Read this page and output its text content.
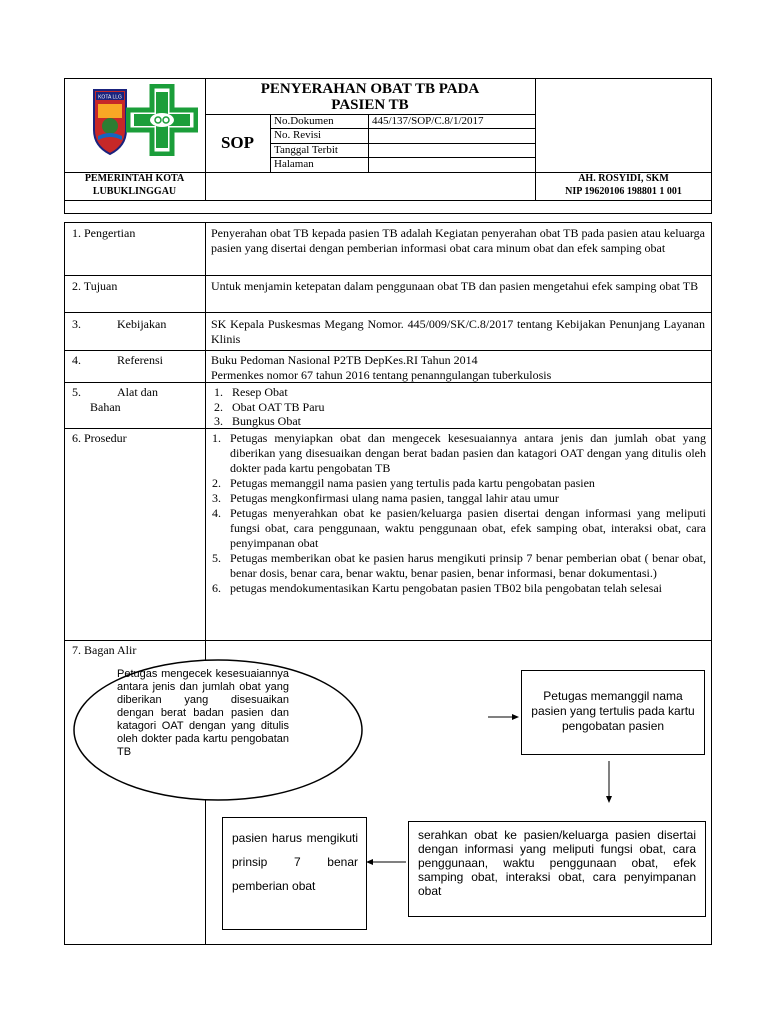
KOTA LLG
PENYERAHAN OBAT TB PADA
PASIEN TB
SOP
No.Dokumen	445/137/SOP/C.8/1/2017
No. Revisi
Tanggal Terbit
Halaman
PEMERINTAH KOTA
LUBUKLINGGAU
AH. ROSYIDI, SKM
NIP 19620106 198801 1 001
1. Pengertian	Penyerahan obat TB kepada pasien TB adalah Kegiatan penyerahan obat TB pada pasien atau keluarga pasien yang disertai dengan pemberian informasi obat cara minum obat dan efek samping obat
2. Tujuan	Untuk menjamin ketepatan dalam penggunaan obat TB dan pasien mengetahui efek samping obat TB
3.	Kebijakan	SK Kepala Puskesmas Megang Nomor. 445/009/SK/C.8/2017 tentang Kebijakan Penunjang Layanan Klinis
4.	Referensi	Buku Pedoman Nasional P2TB DepKes.RI Tahun 2014
Permenkes nomor 67 tahun 2016 tentang penanngulangan tuberkulosis
5.	Alat dan
Bahan
1. Resep Obat
2. Obat OAT TB Paru
3. Bungkus Obat
6. Prosedur	1. Petugas menyiapkan obat dan mengecek kesesuaiannya antara jenis dan jumlah obat yang diberikan yang disesuaikan dengan berat badan pasien dan katagori OAT dengan yang ditulis oleh dokter pada kartu pengobatan TB
2. Petugas memanggil nama pasien yang tertulis pada kartu pengobatan pasien
3. Petugas mengkonfirmasi ulang nama pasien, tanggal lahir atau umur
4. Petugas menyerahkan obat ke pasien/keluarga pasien disertai dengan informasi yang meliputi fungsi obat, cara penggunaan, waktu penggunaan obat, efek samping obat, interaksi obat, cara penyimpanan obat
5. Petugas memberikan obat ke pasien harus mengikuti prinsip 7 benar pemberian obat ( benar obat, benar dosis, benar cara, benar waktu, benar pasien, benar informasi, benar dokumentasi.)
6. petugas mendokumentasikan Kartu pengobatan pasien TB02 bila pengobatan telah selesai
7. Bagan Alir
Petugas mengecek kesesuaiannya antara jenis dan jumlah obat yang diberikan yang disesuaikan dengan berat badan pasien dan katagori OAT dengan yang ditulis oleh dokter pada kartu pengobatan TB
Petugas memanggil nama pasien yang tertulis pada kartu pengobatan pasien
serahkan obat ke pasien/keluarga pasien disertai dengan informasi yang meliputi fungsi obat, cara penggunaan, waktu penggunaan obat, efek samping obat, interaksi obat, cara penyimpanan obat
pasien harus mengikuti prinsip 7 benar pemberian obat
